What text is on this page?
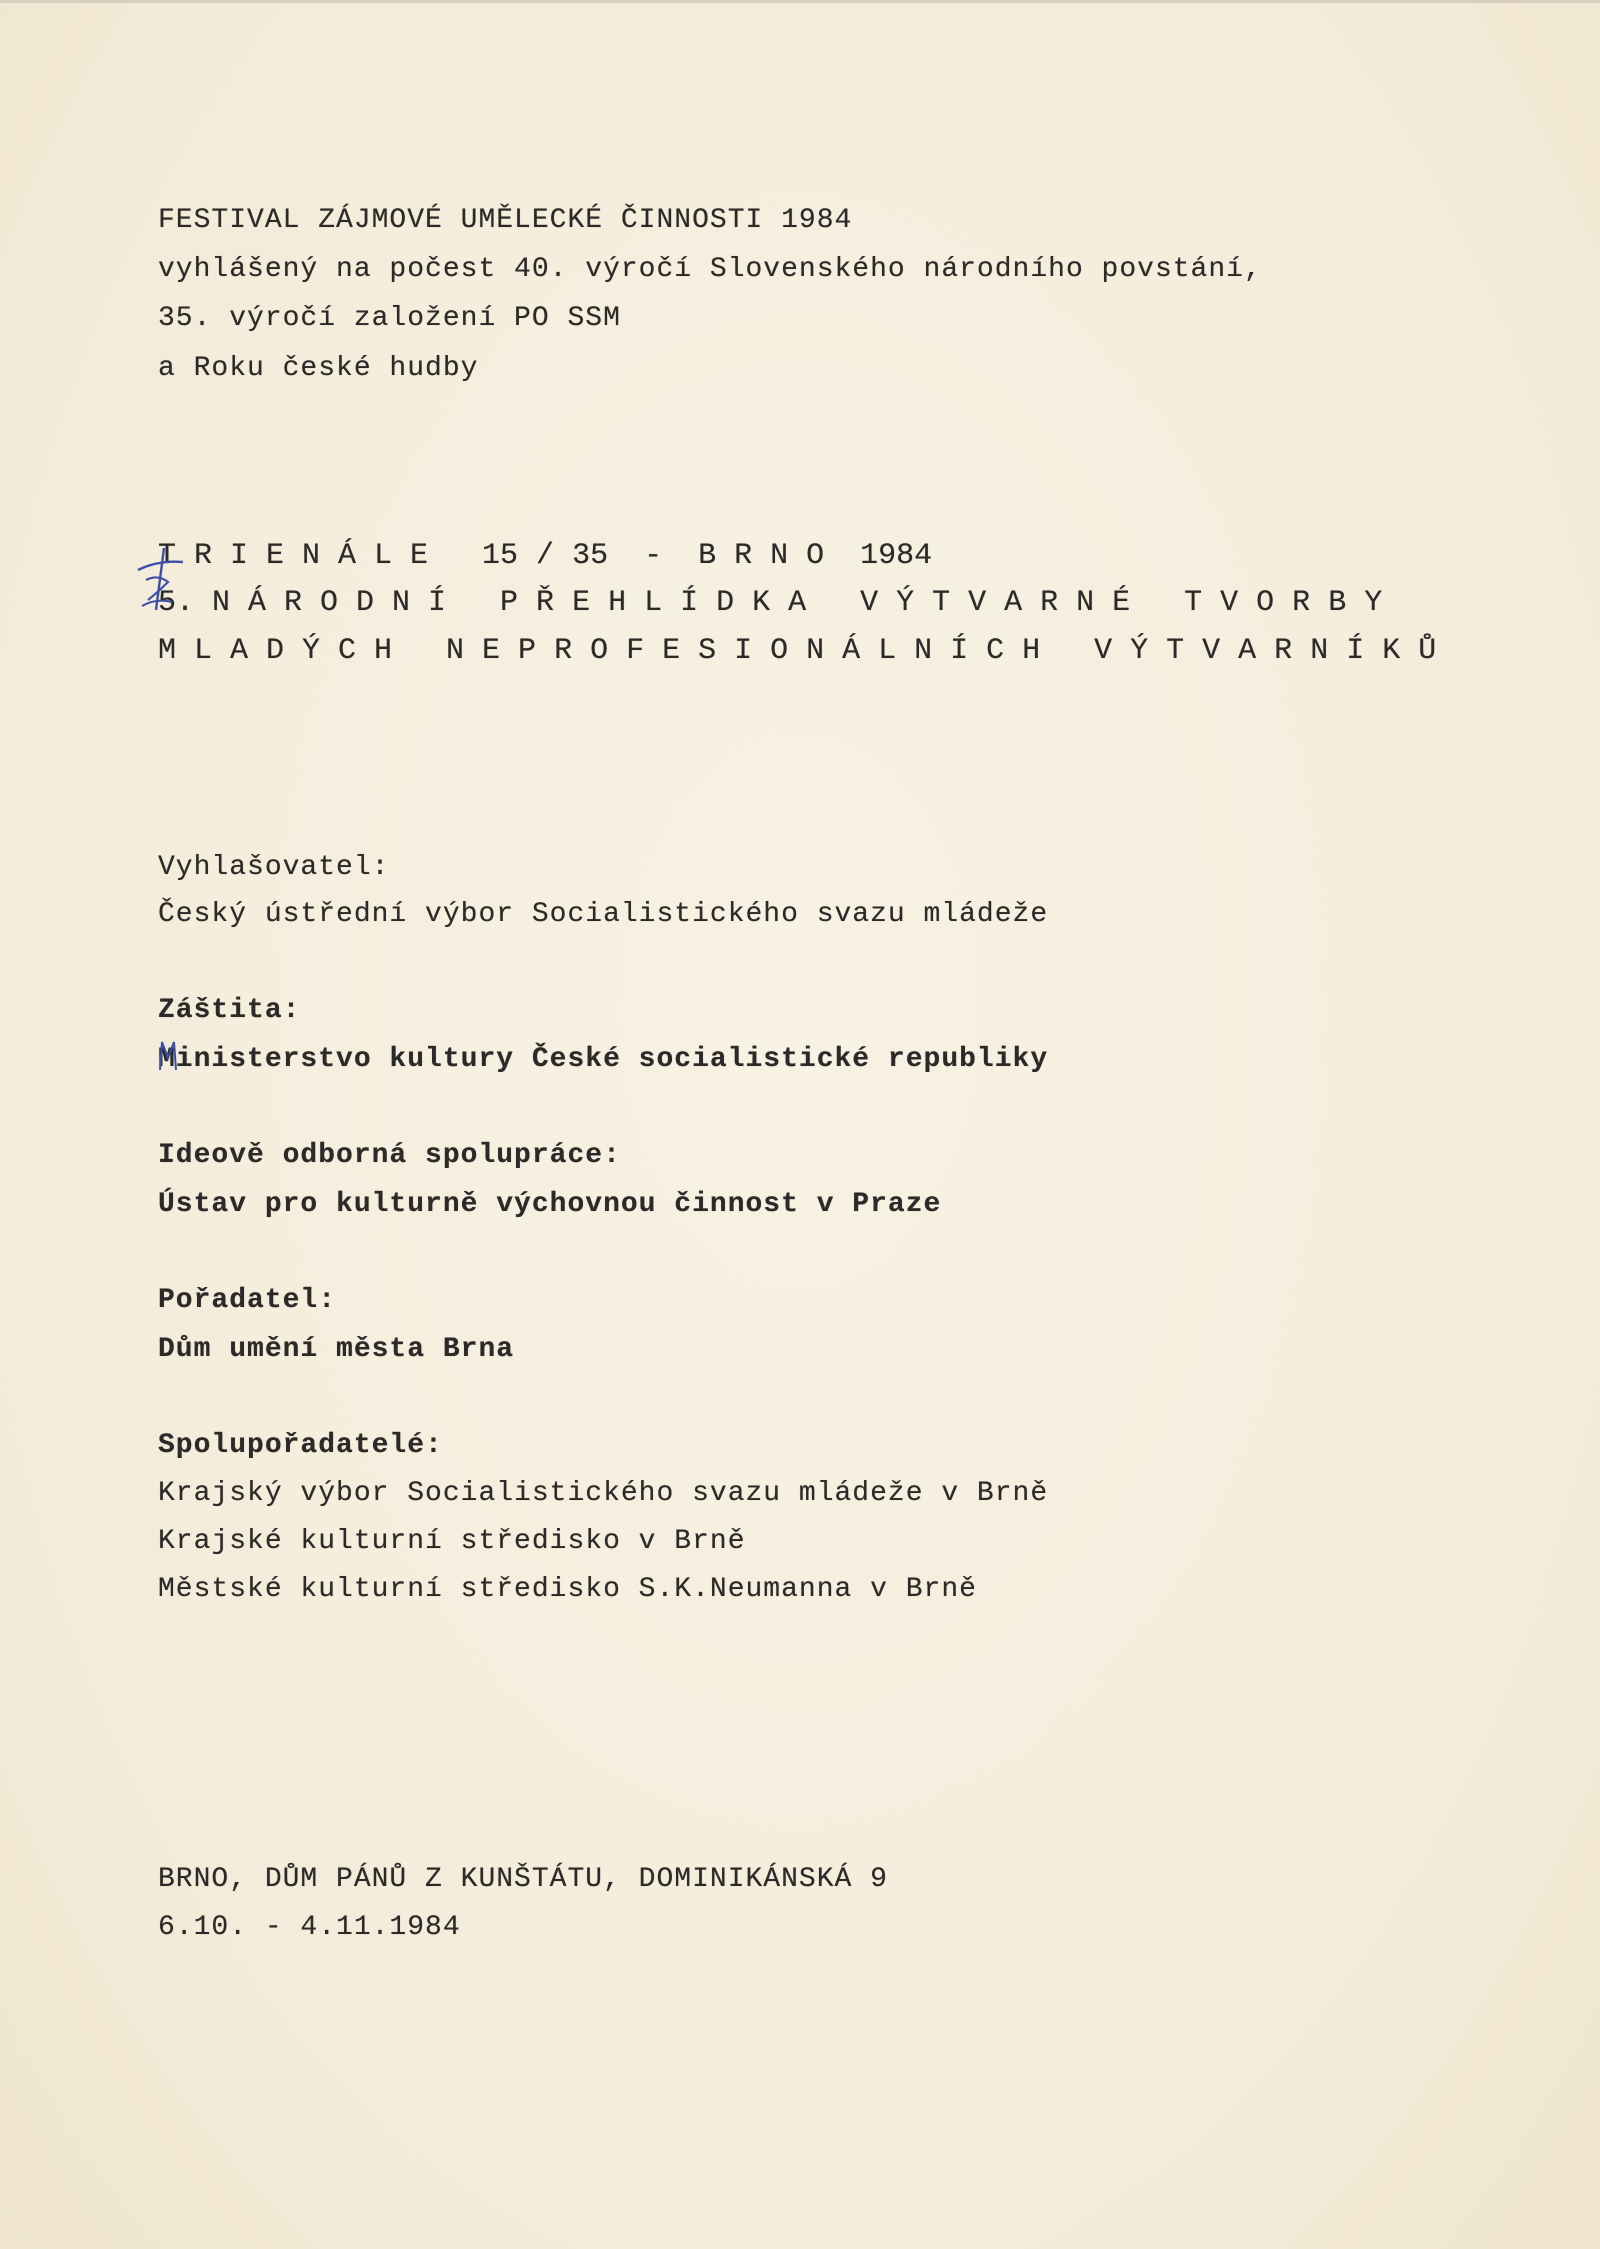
FESTIVAL ZÁJMOVÉ UMĚLECKÉ ČINNOSTI 1984
vyhlášený na počest 40. výročí Slovenského národního povstání,
35. výročí založení PO SSM
a Roku české hudby
T R I E N Á L E   15 / 35  -  B R N O  1984
5. N Á R O D N Í   P Ř E H L Í D K A   V Ý T V A R N É   T V O R B Y
M L A D Ý C H   N E P R O F E S I O N Á L N Í C H   V Ý T V A R N Í K Ů
Vyhlašovatel:
Český ústřední výbor Socialistického svazu mládeže
Záštita:
Ministerstvo kultury České socialistické republiky
Ideově odborná spolupráce:
Ústav pro kulturně výchovnou činnost v Praze
Pořadatel:
Dům umění města Brna
Spolupořadatelé:
Krajský výbor Socialistického svazu mládeže v Brně
Krajské kulturní středisko v Brně
Městské kulturní středisko S.K.Neumanna v Brně
BRNO, DŮM PÁNŮ Z KUNŠTÁTU, DOMINIKÁNSKÁ 9
6.10. - 4.11.1984
